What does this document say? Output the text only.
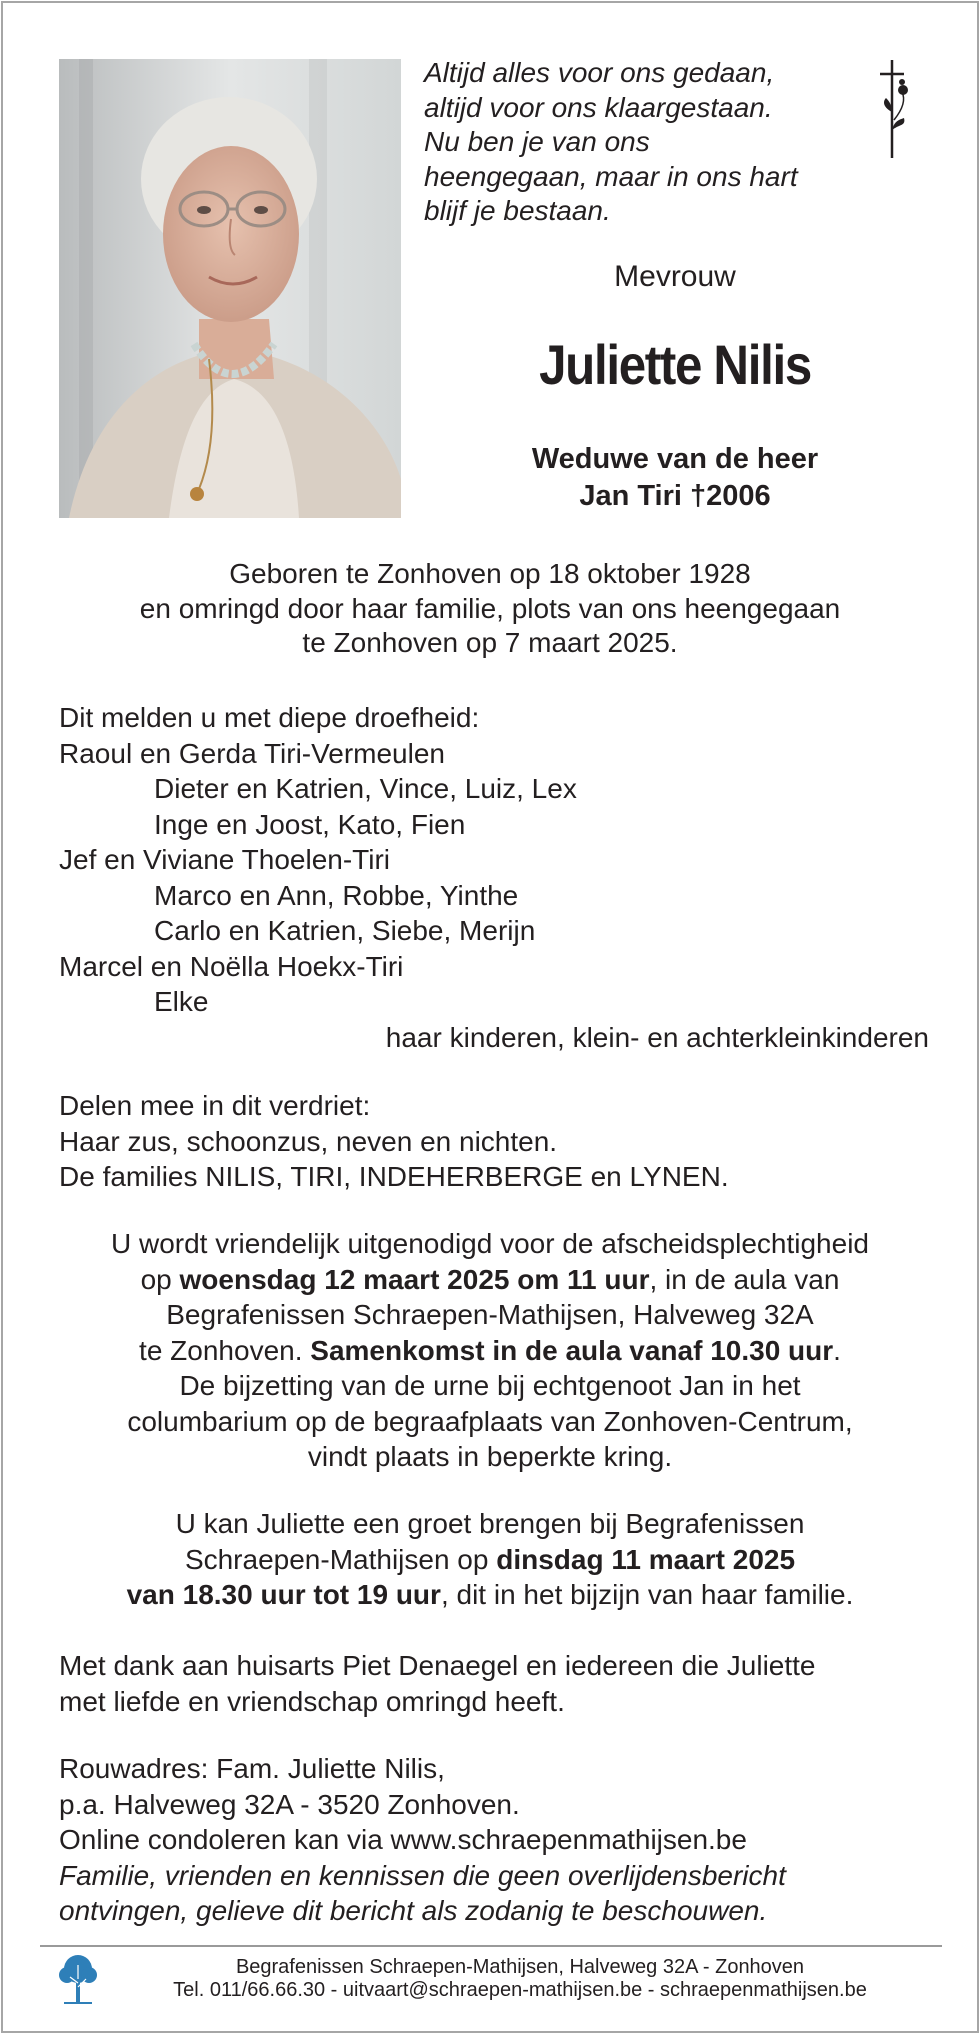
Altijd alles voor ons gedaan,
altijd voor ons klaargestaan.
Nu ben je van ons
heengegaan, maar in ons hart
blijf je bestaan.
Mevrouw
Juliette Nilis
Weduwe van de heer
Jan Tiri †2006
Geboren te Zonhoven op 18 oktober 1928
en omringd door haar familie, plots van ons heengegaan
te Zonhoven op 7 maart 2025.
Dit melden u met diepe droefheid:
Raoul en Gerda Tiri-Vermeulen
Dieter en Katrien, Vince, Luiz, Lex
Inge en Joost, Kato, Fien
Jef en Viviane Thoelen-Tiri
Marco en Ann, Robbe, Yinthe
Carlo en Katrien, Siebe, Merijn
Marcel en Noëlla Hoekx-Tiri
Elke
haar kinderen, klein- en achterkleinkinderen
Delen mee in dit verdriet:
Haar zus, schoonzus, neven en nichten.
De families NILIS, TIRI, INDEHERBERGE en LYNEN.
U wordt vriendelijk uitgenodigd voor de afscheidsplechtigheid
op woensdag 12 maart 2025 om 11 uur, in de aula van
Begrafenissen Schraepen-Mathijsen, Halveweg 32A
te Zonhoven. Samenkomst in de aula vanaf 10.30 uur.
De bijzetting van de urne bij echtgenoot Jan in het
columbarium op de begraafplaats van Zonhoven-Centrum,
vindt plaats in beperkte kring.
U kan Juliette een groet brengen bij Begrafenissen
Schraepen-Mathijsen op dinsdag 11 maart 2025
van 18.30 uur tot 19 uur, dit in het bijzijn van haar familie.
Met dank aan huisarts Piet Denaegel en iedereen die Juliette
met liefde en vriendschap omringd heeft.
Rouwadres: Fam. Juliette Nilis,
p.a. Halveweg 32A - 3520 Zonhoven.
Online condoleren kan via www.schraepenmathijsen.be
Familie, vrienden en kennissen die geen overlijdensbericht
ontvingen, gelieve dit bericht als zodanig te beschouwen.
Begrafenissen Schraepen-Mathijsen, Halveweg 32A - Zonhoven
Tel. 011/66.66.30 - uitvaart@schraepen-mathijsen.be - schraepenmathijsen.be
